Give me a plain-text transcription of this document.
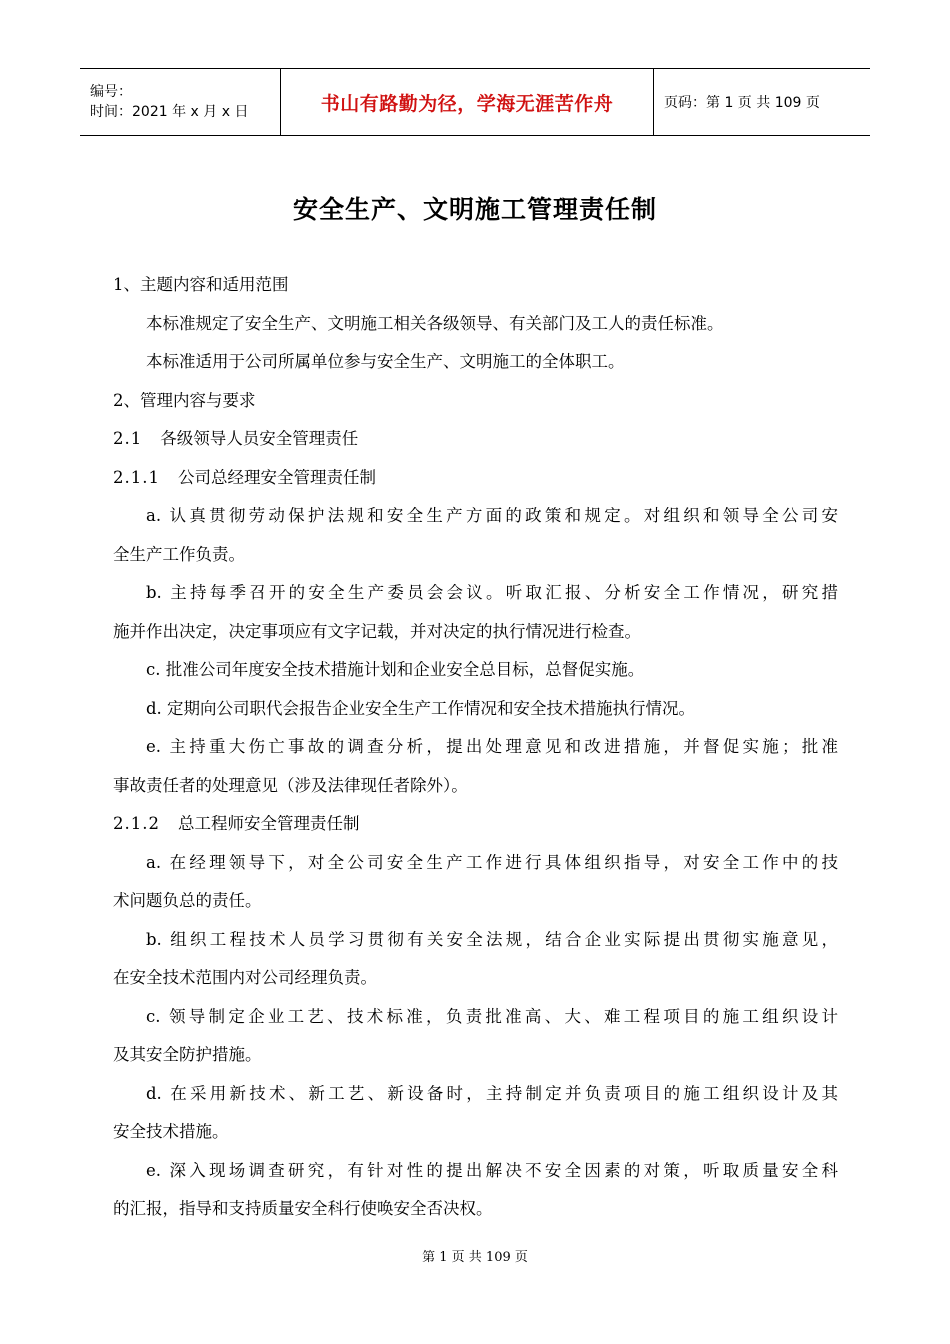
编号：
时间：2021 年 x 月 x 日	书山有路勤为径，学海无涯苦作舟	页码：第 1 页 共 109 页
安全生产、文明施工管理责任制
1、主题内容和适用范围
本标准规定了安全生产、文明施工相关各级领导、有关部门及工人的责任标准。
本标准适用于公司所属单位参与安全生产、文明施工的全体职工。
2、管理内容与要求
2.1 各级领导人员安全管理责任
2.1.1 公司总经理安全管理责任制
a. 认真贯彻劳动保护法规和安全生产方面的政策和规定。对组织和领导全公司安
全生产工作负责。
b. 主持每季召开的安全生产委员会会议。听取汇报、分析安全工作情况，研究措
施并作出决定，决定事项应有文字记载，并对决定的执行情况进行检查。
c. 批准公司年度安全技术措施计划和企业安全总目标，总督促实施。
d. 定期向公司职代会报告企业安全生产工作情况和安全技术措施执行情况。
e. 主持重大伤亡事故的调查分析，提出处理意见和改进措施，并督促实施；批准
事故责任者的处理意见（涉及法律现任者除外）。
2.1.2 总工程师安全管理责任制
a. 在经理领导下，对全公司安全生产工作进行具体组织指导，对安全工作中的技
术问题负总的责任。
b. 组织工程技术人员学习贯彻有关安全法规，结合企业实际提出贯彻实施意见，
在安全技术范围内对公司经理负责。
c. 领导制定企业工艺、技术标准，负责批准高、大、难工程项目的施工组织设计
及其安全防护措施。
d. 在采用新技术、新工艺、新设备时，主持制定并负责项目的施工组织设计及其
安全技术措施。
e. 深入现场调查研究，有针对性的提出解决不安全因素的对策，听取质量安全科
的汇报，指导和支持质量安全科行使唤安全否决权。
第 1 页 共 109 页
